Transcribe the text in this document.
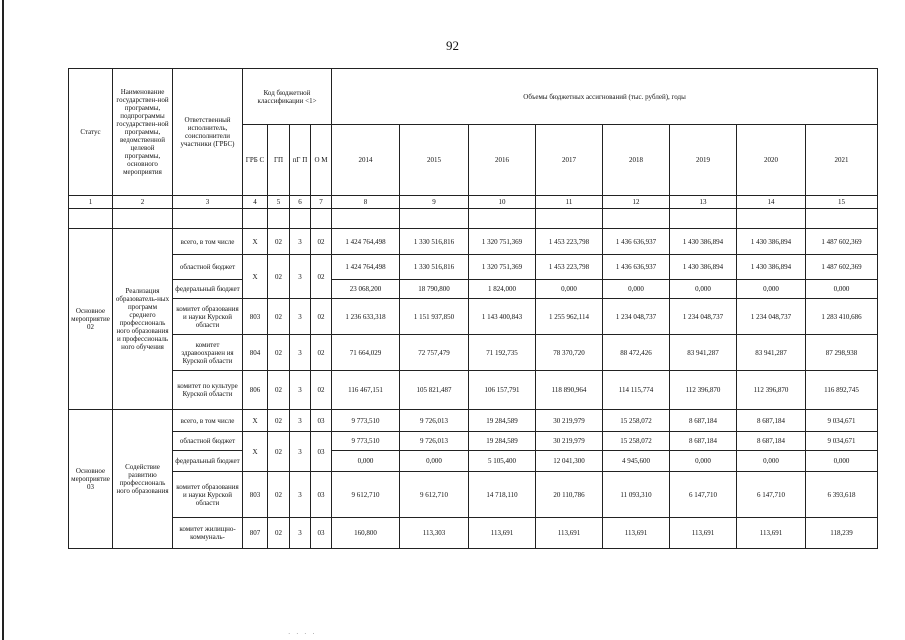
92
Статус	Наименование государствен-ной программы, подпрограммы государствен-ной программы, ведомственной целевой программы, основного мероприятия	Ответственный исполнитель, соисполнители участники (ГРБС)	Код бюджетной классификации <1>				Объемы бюджетных ассигнований (тыс. рублей), годы							
			ГРБ С	ГП	пГ П	О М	2014	2015	2016	2017	2018	2019	2020	2021
1	2	3	4	5	6	7	8	9	10	11	12	13	14	15

Основное мероприятие 02	Реализация образователь-ных программ среднего профессиональ ного образования и профессиональ ного обучения	всего, в том числе	X	02	3	02	1 424 764,498	1 330 516,816	1 320 751,369	1 453 223,798	1 436 636,937	1 430 386,894	1 430 386,894	1 487 602,369
		областной бюджет	X	02	3	02	1 424 764,498	1 330 516,816	1 320 751,369	1 453 223,798	1 436 636,937	1 430 386,894	1 430 386,894	1 487 602,369
		федеральный бюджет					23 068,200	18 790,800	1 824,000	0,000	0,000	0,000	0,000	0,000
		комитет образования и науки Курской области	803	02	3	02	1 236 633,318	1 151 937,850	1 143 400,843	1 255 962,114	1 234 048,737	1 234 048,737	1 234 048,737	1 283 410,686
		комитет здравоохранен ия Курской области	804	02	3	02	71 664,029	72 757,479	71 192,735	78 370,720	88 472,426	83 941,287	83 941,287	87 298,938
		комитет по культуре Курской области	806	02	3	02	116 467,151	105 821,487	106 157,791	118 890,964	114 115,774	112 396,870	112 396,870	116 892,745
Основное мероприятие 03	Содействие развитию профессиональ ного образования	всего, в том числе	X	02	3	03	9 773,510	9 726,013	19 284,589	30 219,979	15 258,072	8 687,184	8 687,184	9 034,671
		областной бюджет	X	02	3	03	9 773,510	9 726,013	19 284,589	30 219,979	15 258,072	8 687,184	8 687,184	9 034,671
		федеральный бюджет					0,000	0,000	5 105,400	12 041,300	4 945,600	0,000	0,000	0,000
		комитет образования и науки Курской области	803	02	3	03	9 612,710	9 612,710	14 718,110	20 110,786	11 093,310	6 147,710	6 147,710	6 393,618
		комитет жилищно-коммуналь-	807	02	3	03	160,800	113,303	113,691	113,691	113,691	113,691	113,691	118,239
· · · ·
